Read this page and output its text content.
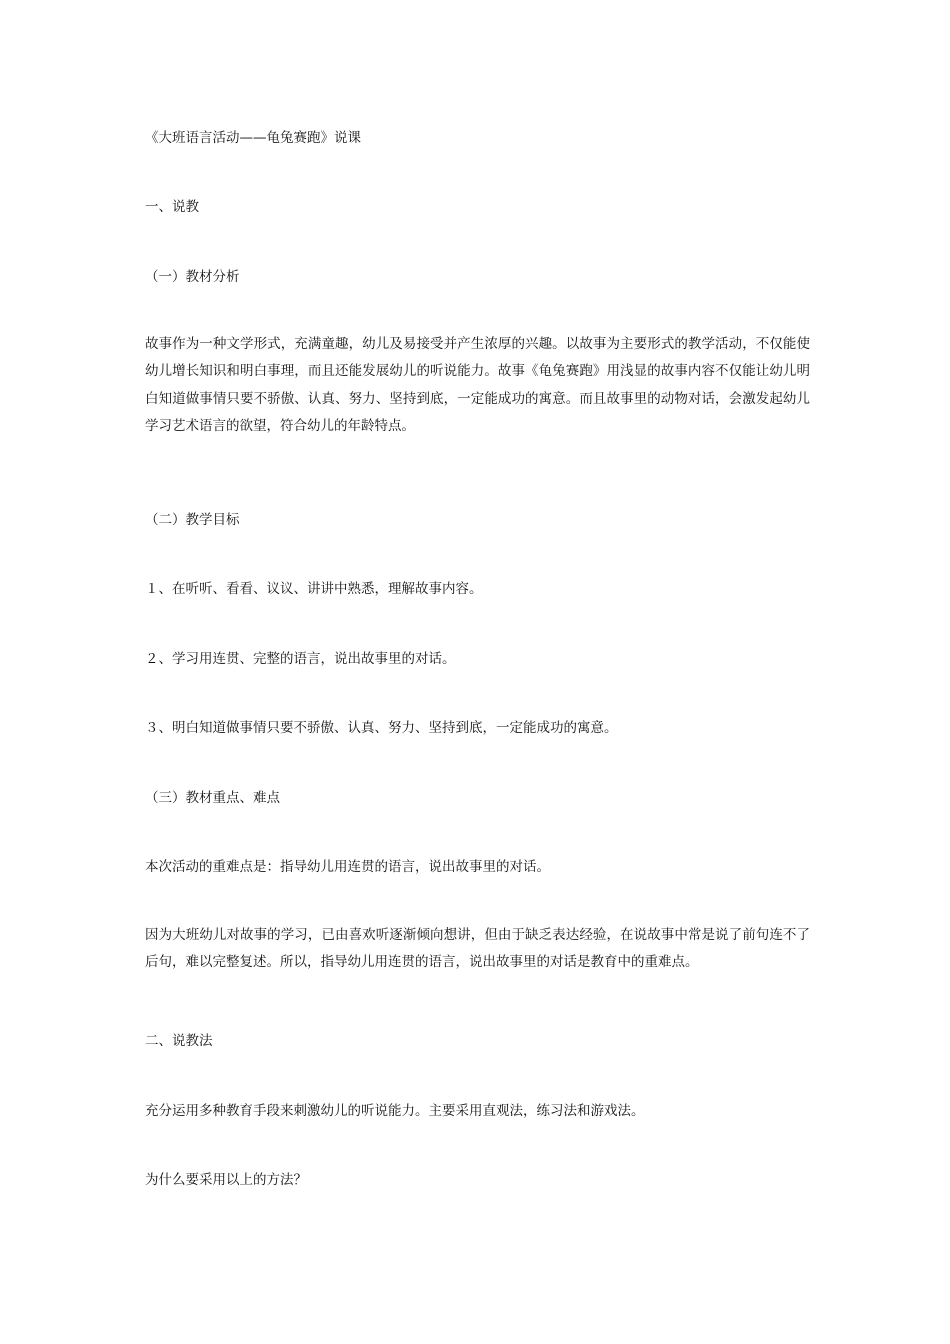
《大班语言活动——龟兔赛跑》说课
一、说教
（一）教材分析

故事作为一种文学形式，充满童趣，幼儿及易接受并产生浓厚的兴趣。以故事为主要形式的教学活动，不仅能使幼儿增长知识和明白事理，而且还能发展幼儿的听说能力。故事《龟兔赛跑》用浅显的故事内容不仅能让幼儿明白知道做事情只要不骄傲、认真、努力、坚持到底，一定能成功的寓意。而且故事里的动物对话，会激发起幼儿学习艺术语言的欲望，符合幼儿的年龄特点。

（二）教学目标
１、在听听、看看、议议、讲讲中熟悉，理解故事内容。
２、学习用连贯、完整的语言，说出故事里的对话。
３、明白知道做事情只要不骄傲、认真、努力、坚持到底，一定能成功的寓意。
（三）教材重点、难点
本次活动的重难点是：指导幼儿用连贯的语言，说出故事里的对话。

因为大班幼儿对故事的学习，已由喜欢听逐渐倾向想讲，但由于缺乏表达经验，在说故事中常是说了前句连不了后句，难以完整复述。所以，指导幼儿用连贯的语言，说出故事里的对话是教育中的重难点。

二、说教法
充分运用多种教育手段来刺激幼儿的听说能力。主要采用直观法，练习法和游戏法。
为什么要采用以上的方法？
